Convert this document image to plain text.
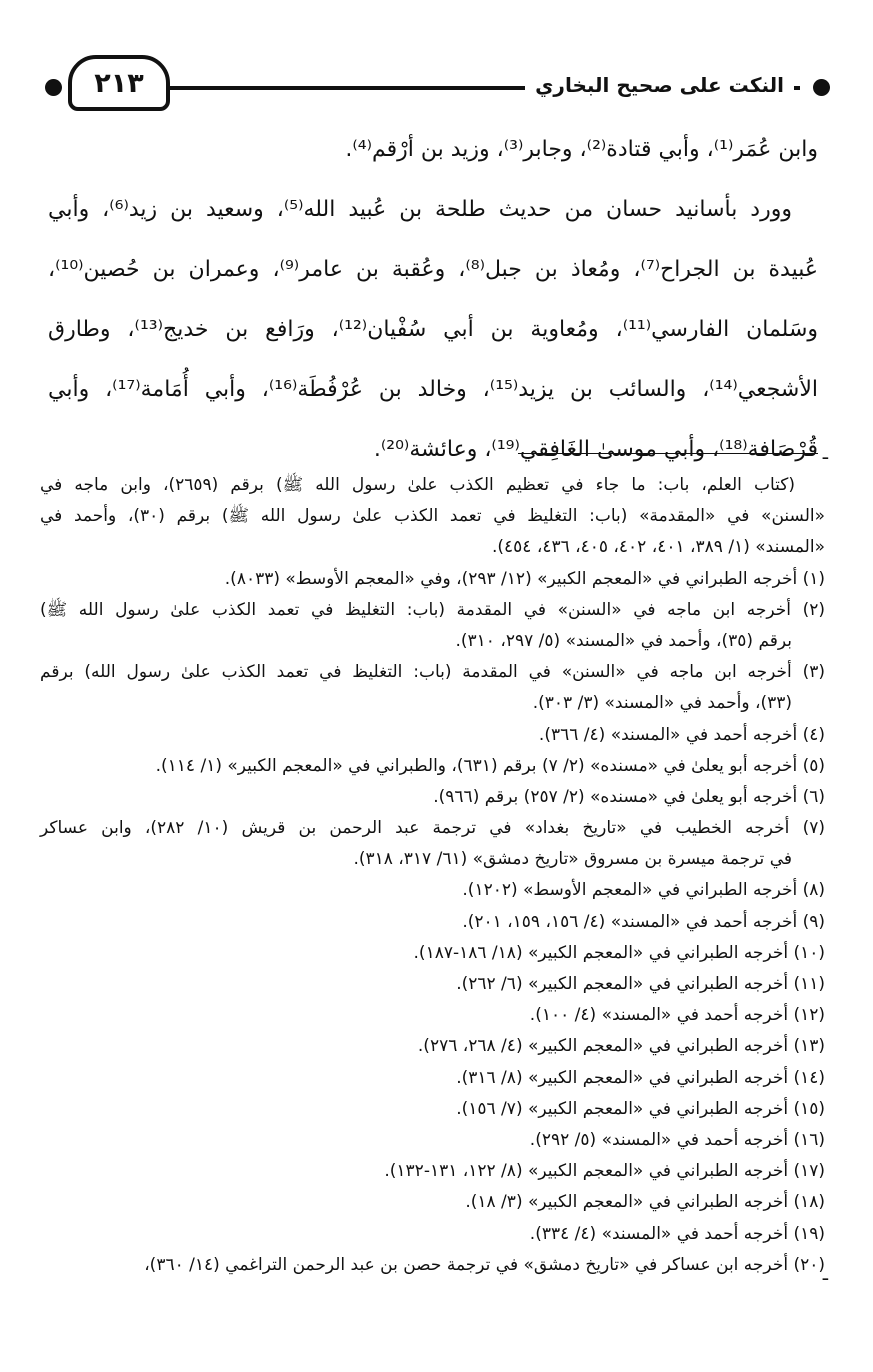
النكت على صحيح البخاري
٢١٣
وابن عُمَر⁽¹⁾، وأبي قتادة⁽²⁾، وجابر⁽³⁾، وزيد بن أرْقم⁽⁴⁾.
وورد بأسانيد حسان من حديث طلحة بن عُبيد الله⁽⁵⁾، وسعيد بن زيد⁽⁶⁾، وأبي
عُبيدة بن الجراح⁽⁷⁾، ومُعاذ بن جبل⁽⁸⁾، وعُقبة بن عامر⁽⁹⁾، وعمران بن حُصين⁽¹⁰⁾،
وسَلمان الفارسي⁽¹¹⁾، ومُعاوية بن أبي سُفْيان⁽¹²⁾، ورَافع بن خديج⁽¹³⁾، وطارق
الأشجعي⁽¹⁴⁾، والسائب بن يزيد⁽¹⁵⁾، وخالد بن عُرْفُطَة⁽¹⁶⁾، وأبي أُمَامة⁽¹⁷⁾، وأبي
قُرْصَافة⁽¹⁸⁾، وأبي موسىٰ الغَافِقي⁽¹⁹⁾، وعائشة⁽²⁰⁾. ـ
(كتاب العلم، باب: ما جاء في تعظيم الكذب علىٰ رسول الله ﷺ) برقم (٢٦٥٩)، وابن ماجه في
«السنن» في «المقدمة» (باب: التغليظ في تعمد الكذب علىٰ رسول الله ﷺ) برقم (٣٠)، وأحمد في
«المسند» (١/ ٣٨٩، ٤٠١، ٤٠٢، ٤٠٥، ٤٣٦، ٤٥٤).
(١) أخرجه الطبراني في «المعجم الكبير» (١٢/ ٢٩٣)، وفي «المعجم الأوسط» (٨٠٣٣).
(٢) أخرجه ابن ماجه في «السنن» في المقدمة (باب: التغليظ في تعمد الكذب علىٰ رسول الله ﷺ)
برقم (٣٥)، وأحمد في «المسند» (٥/ ٢٩٧، ٣١٠).
(٣) أخرجه ابن ماجه في «السنن» في المقدمة (باب: التغليظ في تعمد الكذب علىٰ رسول الله) برقم
(٣٣)، وأحمد في «المسند» (٣/ ٣٠٣).
(٤) أخرجه أحمد في «المسند» (٤/ ٣٦٦).
(٥) أخرجه أبو يعلىٰ في «مسنده» (٢/ ٧) برقم (٦٣١)، والطبراني في «المعجم الكبير» (١/ ١١٤).
(٦) أخرجه أبو يعلىٰ في «مسنده» (٢/ ٢٥٧) برقم (٩٦٦).
(٧) أخرجه الخطيب في «تاريخ بغداد» في ترجمة عبد الرحمن بن قريش (١٠/ ٢٨٢)، وابن عساكر
في ترجمة ميسرة بن مسروق «تاريخ دمشق» (٦١/ ٣١٧، ٣١٨).
(٨) أخرجه الطبراني في «المعجم الأوسط» (١٢٠٢).
(٩) أخرجه أحمد في «المسند» (٤/ ١٥٦، ١٥٩، ٢٠١).
(١٠) أخرجه الطبراني في «المعجم الكبير» (١٨/ ١٨٦-١٨٧).
(١١) أخرجه الطبراني في «المعجم الكبير» (٦/ ٢٦٢).
(١٢) أخرجه أحمد في «المسند» (٤/ ١٠٠).
(١٣) أخرجه الطبراني في «المعجم الكبير» (٤/ ٢٦٨، ٢٧٦).
(١٤) أخرجه الطبراني في «المعجم الكبير» (٨/ ٣١٦).
(١٥) أخرجه الطبراني في «المعجم الكبير» (٧/ ١٥٦).
(١٦) أخرجه أحمد في «المسند» (٥/ ٢٩٢).
(١٧) أخرجه الطبراني في «المعجم الكبير» (٨/ ١٢٢، ١٣١-١٣٢).
(١٨) أخرجه الطبراني في «المعجم الكبير» (٣/ ١٨).
(١٩) أخرجه أحمد في «المسند» (٤/ ٣٣٤).
(٢٠) أخرجه ابن عساكر في «تاريخ دمشق» في ترجمة حصن بن عبد الرحمن التراغمي (١٤/ ٣٦٠)،
ـ
